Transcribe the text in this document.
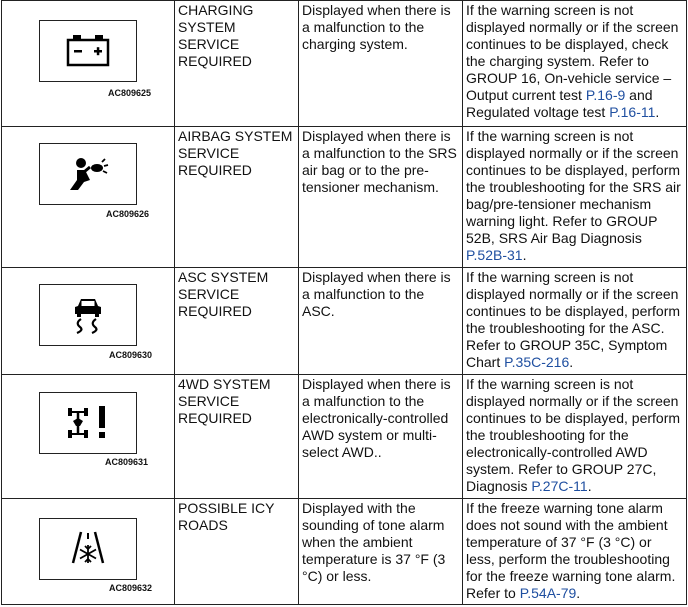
AC809625	CHARGING SYSTEM SERVICE REQUIRED	Displayed when there is a malfunction to the charging system.	If the warning screen is not displayed normally or if the screen continues to be displayed, check the charging system. Refer to GROUP 16, On-vehicle service – Output current test P.16-9 and Regulated voltage test P.16-11.

AC809626	AIRBAG SYSTEM SERVICE REQUIRED	Displayed when there is a malfunction to the SRS air bag or to the pre-tensioner mechanism.	If the warning screen is not displayed normally or if the screen continues to be displayed, perform the troubleshooting for the SRS air bag/pre-tensioner mechanism warning light. Refer to GROUP 52B, SRS Air Bag Diagnosis P.52B-31.

AC809630	ASC SYSTEM SERVICE REQUIRED	Displayed when there is a malfunction to the ASC.	If the warning screen is not displayed normally or if the screen continues to be displayed, perform the troubleshooting for the ASC. Refer to GROUP 35C, Symptom Chart P.35C-216.

AC809631	4WD SYSTEM SERVICE REQUIRED	Displayed when there is a malfunction to the electronically-controlled AWD system or multi-select AWD..	If the warning screen is not displayed normally or if the screen continues to be displayed, perform the troubleshooting for the electronically-controlled AWD system. Refer to GROUP 27C, Diagnosis P.27C-11.

AC809632	POSSIBLE ICY ROADS	Displayed with the sounding of tone alarm when the ambient temperature is 37 °F (3 °C) or less.	If the freeze warning tone alarm does not sound with the ambient temperature of 37 °F (3 °C) or less, perform the troubleshooting for the freeze warning tone alarm. Refer to P.54A-79.
